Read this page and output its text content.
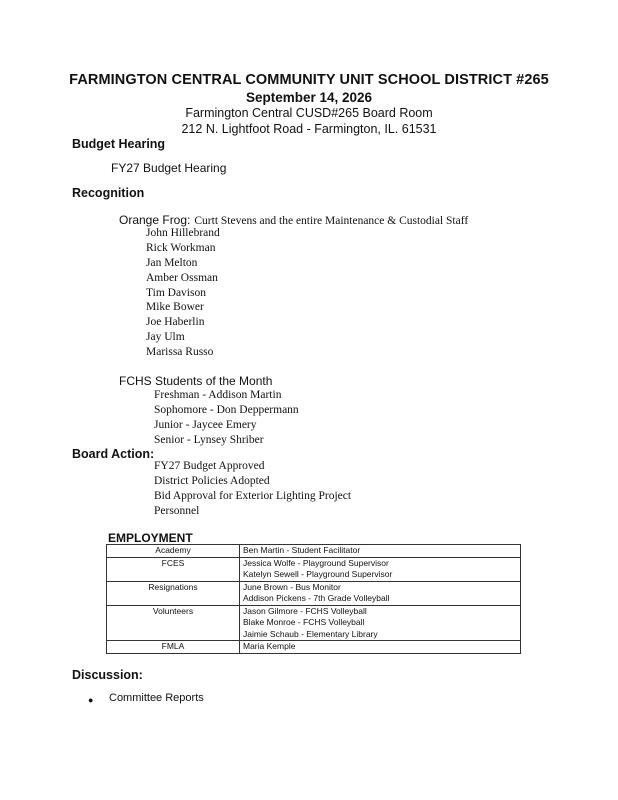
FARMINGTON CENTRAL COMMUNITY UNIT SCHOOL DISTRICT #265
September 14, 2026
Farmington Central CUSD#265 Board Room
212 N. Lightfoot Road - Farmington, IL. 61531
Budget Hearing
FY27 Budget Hearing
Recognition
Orange Frog: Curtt Stevens and the entire Maintenance & Custodial Staff
John Hillebrand
Rick Workman
Jan Melton
Amber Ossman
Tim Davison
Mike Bower
Joe Haberlin
Jay Ulm
Marissa Russo
FCHS Students of the Month
Freshman - Addison Martin
Sophomore - Don Deppermann
Junior - Jaycee Emery
Senior - Lynsey Shriber
Board Action:
FY27 Budget Approved
District Policies Adopted
Bid Approval for Exterior Lighting Project
Personnel
EMPLOYMENT
Academy	Ben Martin - Student Facilitator

FCES	Jessica Wolfe - Playground Supervisor
Katelyn Sewell - Playground Supervisor

Resignations	June Brown - Bus Monitor
Addison Pickens - 7th Grade Volleyball

Volunteers	Jason Gilmore - FCHS Volleyball
Blake Monroe - FCHS Volleyball
Jaimie Schaub - Elementary Library

FMLA	Maria Kemple
Discussion:
● Committee Reports
